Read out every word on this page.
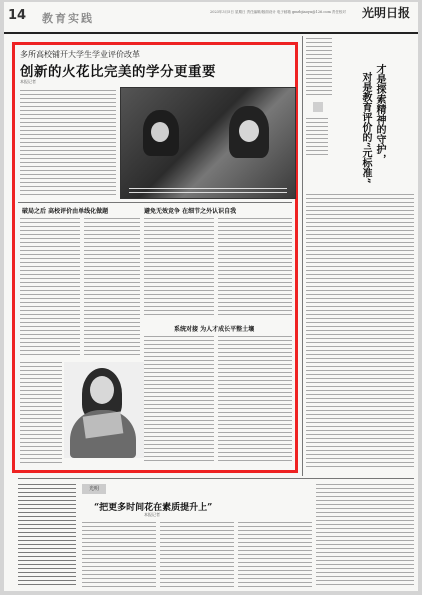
14 教育实践	2023年3月5日 星期日 责任编辑/版面设计 电子邮箱 gmrbjiaoyu@126.com 责任校对 光明日报
多所高校铺开大学生学业评价改革
创新的火花比完美的学分更重要
本报记者
破局之后 高校评价由单线化做题	避免无效竞争 在细节之外认识自我
系统对接 为人才成长平整土壤
才是探索精神的守护，
对是教育评价的“元标准”
光明
“把更多时间花在素质提升上”
本报记者
